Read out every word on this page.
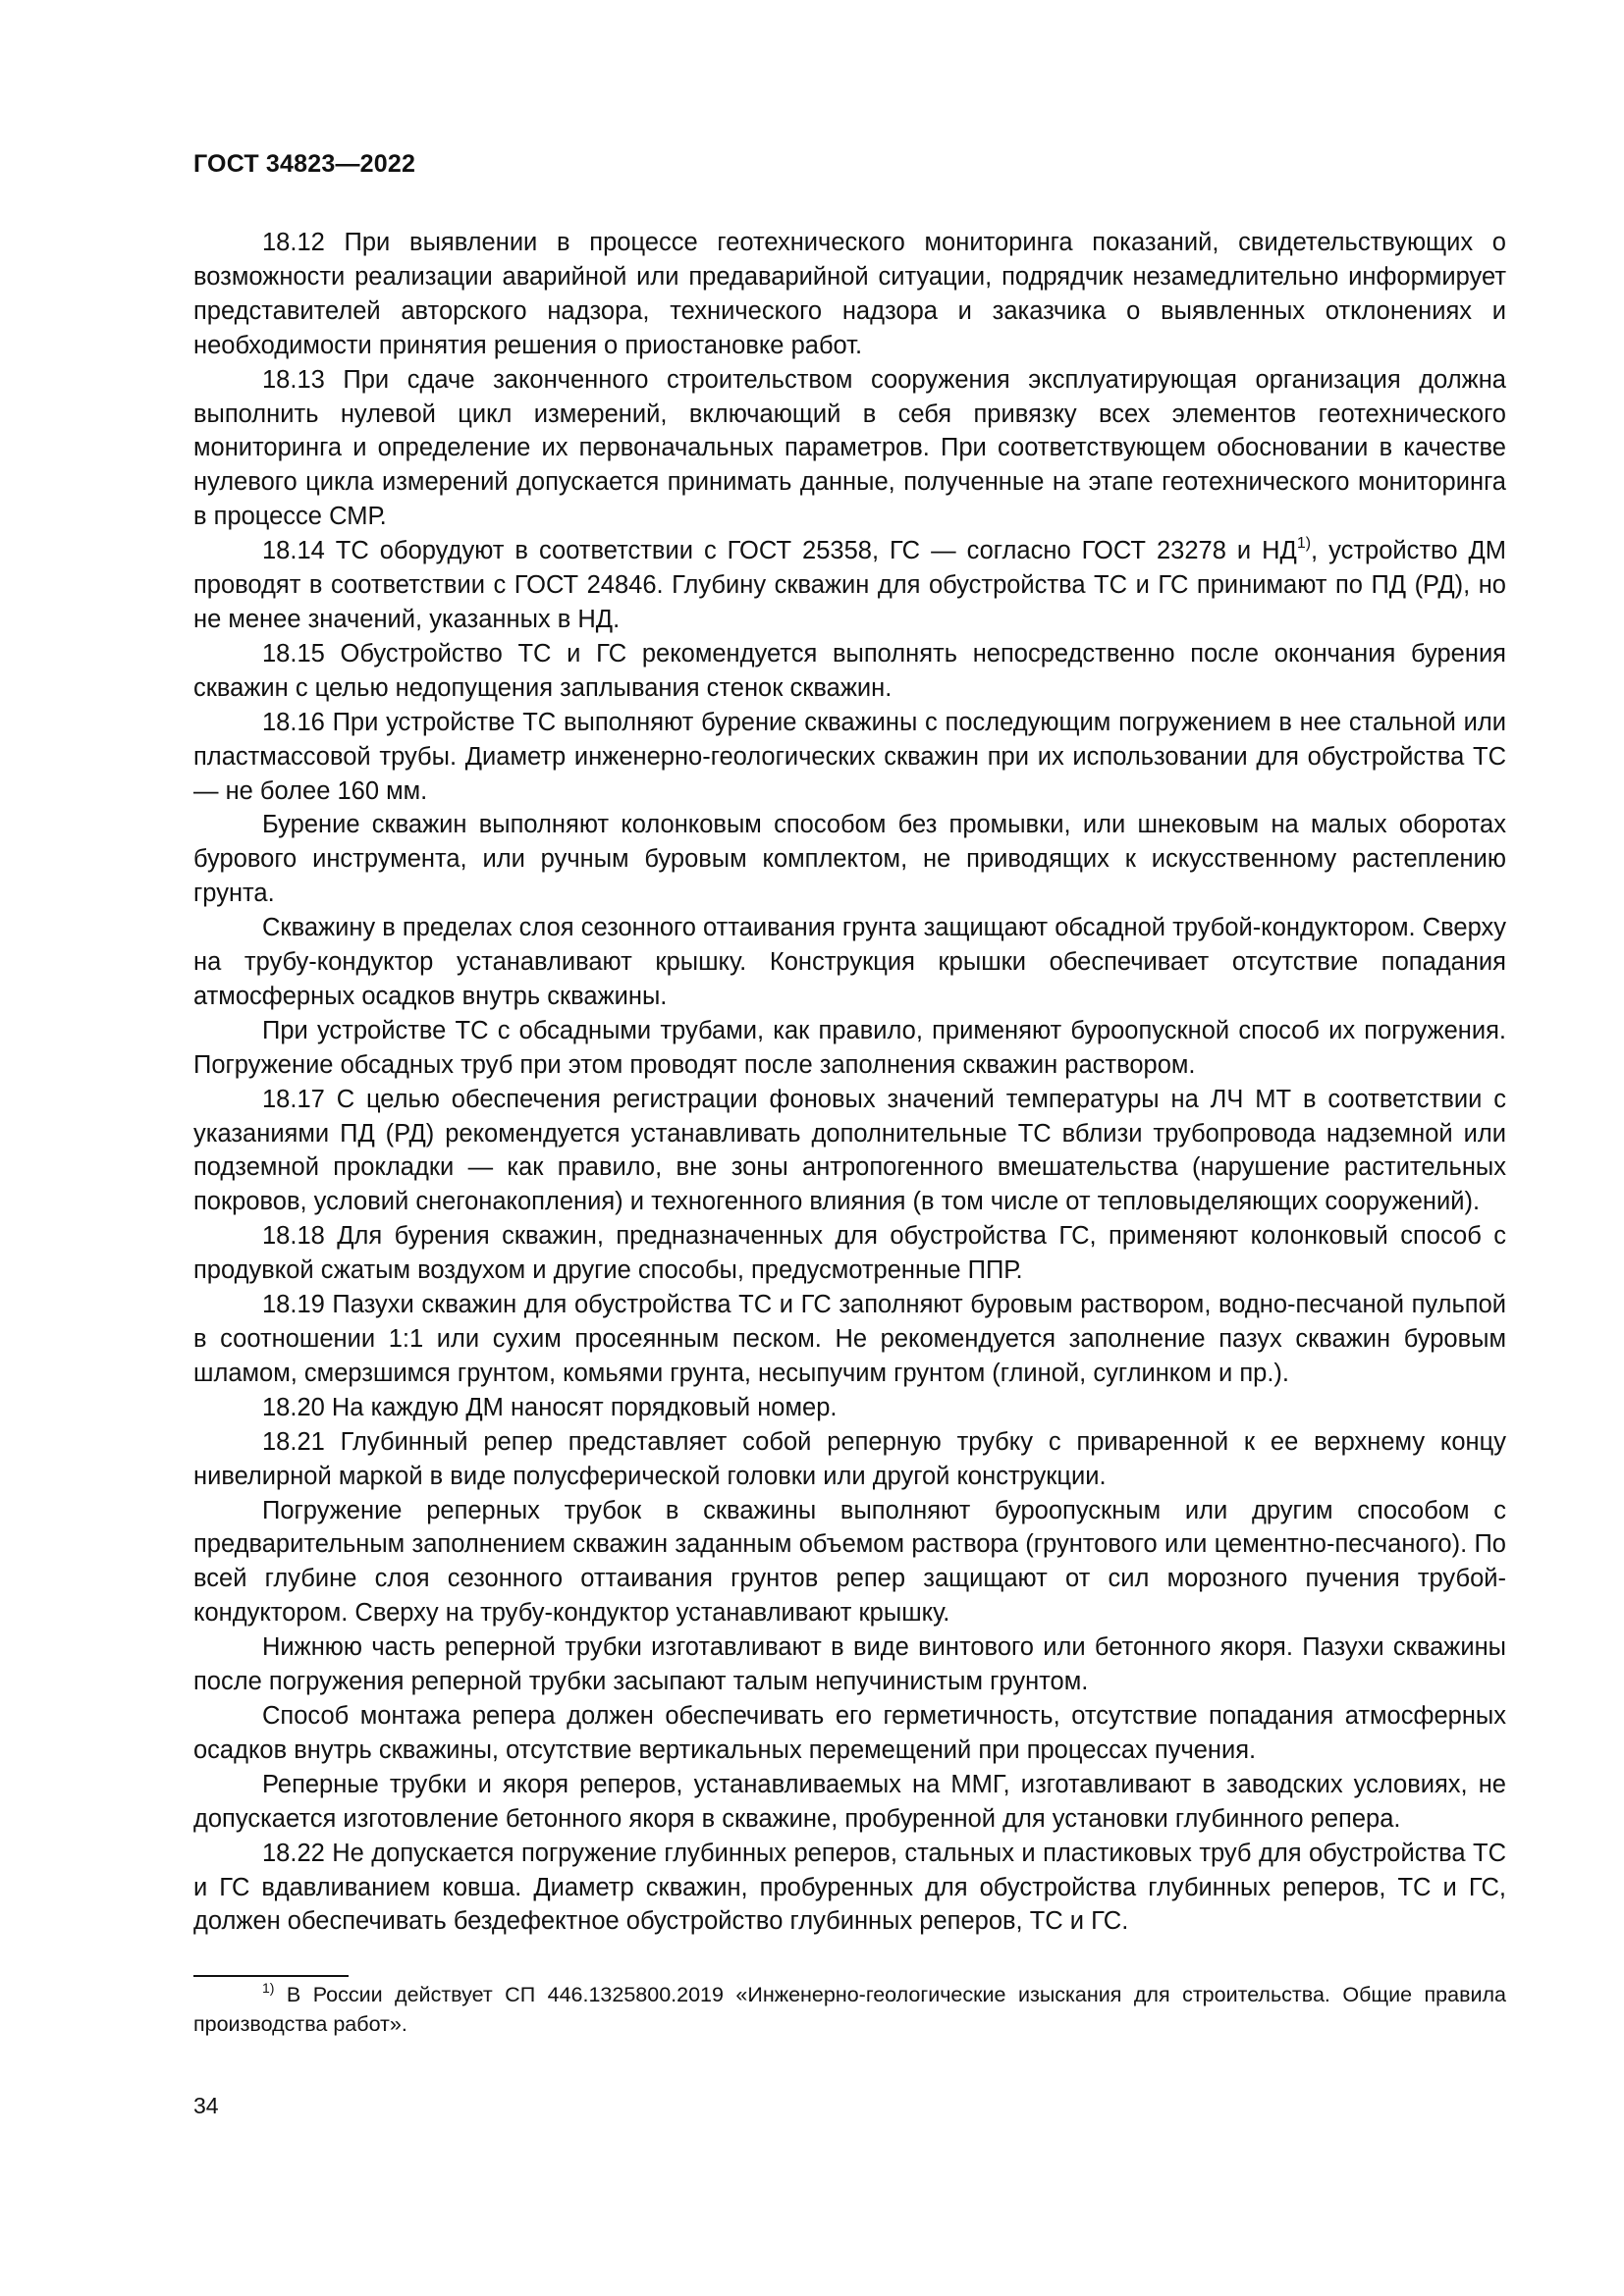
ГОСТ 34823—2022

18.12 При выявлении в процессе геотехнического мониторинга показаний, свидетельствующих о возможности реализации аварийной или предаварийной ситуации, подрядчик незамедлительно информирует представителей авторского надзора, технического надзора и заказчика о выявленных отклонениях и необходимости принятия решения о приостановке работ.

18.13 При сдаче законченного строительством сооружения эксплуатирующая организация должна выполнить нулевой цикл измерений, включающий в себя привязку всех элементов геотехнического мониторинга и определение их первоначальных параметров. При соответствующем обосновании в качестве нулевого цикла измерений допускается принимать данные, полученные на этапе геотехнического мониторинга в процессе СМР.

18.14 ТС оборудуют в соответствии с ГОСТ 25358, ГС — согласно ГОСТ 23278 и НД$^{1)}$, устройство ДМ проводят в соответствии с ГОСТ 24846. Глубину скважин для обустройства ТС и ГС принимают по ПД (РД), но не менее значений, указанных в НД.

18.15 Обустройство ТС и ГС рекомендуется выполнять непосредственно после окончания бурения скважин с целью недопущения заплывания стенок скважин.

18.16 При устройстве ТС выполняют бурение скважины с последующим погружением в нее стальной или пластмассовой трубы. Диаметр инженерно-геологических скважин при их использовании для обустройства ТС — не более 160 мм.

Бурение скважин выполняют колонковым способом без промывки, или шнековым на малых оборотах бурового инструмента, или ручным буровым комплектом, не приводящих к искусственному растеплению грунта.

Скважину в пределах слоя сезонного оттаивания грунта защищают обсадной трубой-кондуктором. Сверху на трубу-кондуктор устанавливают крышку. Конструкция крышки обеспечивает отсутствие попадания атмосферных осадков внутрь скважины.

При устройстве ТС с обсадными трубами, как правило, применяют буроопускной способ их погружения. Погружение обсадных труб при этом проводят после заполнения скважин раствором.

18.17 С целью обеспечения регистрации фоновых значений температуры на ЛЧ МТ в соответствии с указаниями ПД (РД) рекомендуется устанавливать дополнительные ТС вблизи трубопровода надземной или подземной прокладки — как правило, вне зоны антропогенного вмешательства (нарушение растительных покровов, условий снегонакопления) и техногенного влияния (в том числе от тепловыделяющих сооружений).

18.18 Для бурения скважин, предназначенных для обустройства ГС, применяют колонковый способ с продувкой сжатым воздухом и другие способы, предусмотренные ППР.

18.19 Пазухи скважин для обустройства ТС и ГС заполняют буровым раствором, водно-песчаной пульпой в соотношении 1:1 или сухим просеянным песком. Не рекомендуется заполнение пазух скважин буровым шламом, смерзшимся грунтом, комьями грунта, несыпучим грунтом (глиной, суглинком и пр.).

18.20 На каждую ДМ наносят порядковый номер.

18.21 Глубинный репер представляет собой реперную трубку с приваренной к ее верхнему концу нивелирной маркой в виде полусферической головки или другой конструкции.

Погружение реперных трубок в скважины выполняют буроопускным или другим способом с предварительным заполнением скважин заданным объемом раствора (грунтового или цементно-песчаного). По всей глубине слоя сезонного оттаивания грунтов репер защищают от сил морозного пучения трубой-кондуктором. Сверху на трубу-кондуктор устанавливают крышку.

Нижнюю часть реперной трубки изготавливают в виде винтового или бетонного якоря. Пазухи скважины после погружения реперной трубки засыпают талым непучинистым грунтом.

Способ монтажа репера должен обеспечивать его герметичность, отсутствие попадания атмосферных осадков внутрь скважины, отсутствие вертикальных перемещений при процессах пучения.

Реперные трубки и якоря реперов, устанавливаемых на ММГ, изготавливают в заводских условиях, не допускается изготовление бетонного якоря в скважине, пробуренной для установки глубинного репера.

18.22 Не допускается погружение глубинных реперов, стальных и пластиковых труб для обустройства ТС и ГС вдавливанием ковша. Диаметр скважин, пробуренных для обустройства глубинных реперов, ТС и ГС, должен обеспечивать бездефектное обустройство глубинных реперов, ТС и ГС.

$^{1)}$ В России действует СП 446.1325800.2019 «Инженерно-геологические изыскания для строительства. Общие правила производства работ».
34
